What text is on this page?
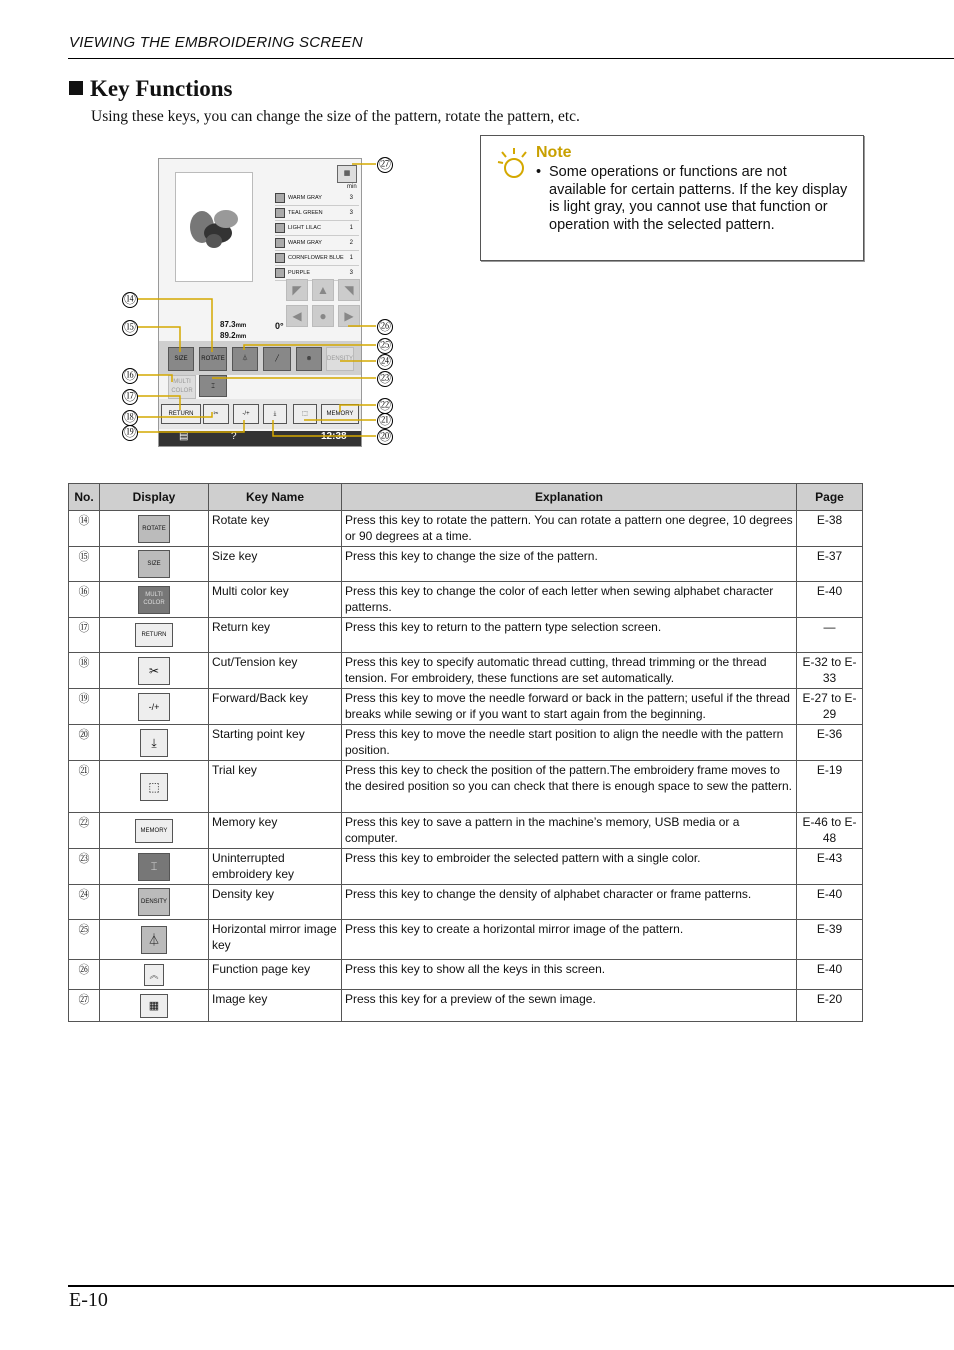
VIEWING THE EMBROIDERING SCREEN
Key Functions
Using these keys, you can change the size of the pattern, rotate the pattern, etc.
▦
min
WARM GRAY	3
TEAL GREEN	3
LIGHT LILAC	1
WARM GRAY	2
CORNFLOWER BLUE 1
PURPLE	3
◤	▲	◥
◀	●	▶
87.3mm
89.2mm
0°
SIZE	ROTATE	⏃	╱	⊗	DENSITY
MULTI COLOR
⌶
RETURN	✂	-/+	⤓	⬚	MEMORY
▤	?	12:38
⑭
⑮
⑯
⑰
⑱
⑲	⑳
㉑
㉒
㉓
㉔
㉕
㉖
㉗
Note
• Some operations or functions are not available for certain patterns. If the key display is light gray, you cannot use that function or operation with the selected pattern.
No.	Display	Key Name	Explanation	Page
⑭	ROTATE	Rotate key	Press this key to rotate the pattern. You can rotate a pattern one degree, 10 degrees or 90 degrees at a time.	E-38
⑮	SIZE	Size key	Press this key to change the size of the pattern.	E-37
⑯	MULTI COLOR	Multi color key	Press this key to change the color of each letter when sewing alphabet character patterns.	E-40
⑰	RETURN	Return key	Press this key to return to the pattern type selection screen.	—
⑱	✂	Cut/Tension key	Press this key to specify automatic thread cutting, thread trimming or the thread tension. For embroidery, these functions are set automatically.	E-32 to E-33
⑲	-/+	Forward/Back key	Press this key to move the needle forward or back in the pattern; useful if the thread breaks while sewing or if you want to start again from the beginning.	E-27 to E-29
⑳	⤓	Starting point key	Press this key to move the needle start position to align the needle with the pattern position.	E-36
㉑	⬚	Trial key	Press this key to check the position of the pattern.The embroidery frame moves to the desired position so you can check that there is enough space to sew the pattern.	E-19
㉒	MEMORY	Memory key	Press this key to save a pattern in the machine’s memory, USB media or a computer.	E-46 to E-48
㉓	⌶	Uninterrupted embroidery key	Press this key to embroider the selected pattern with a single color.	E-43
㉔	DENSITY	Density key	Press this key to change the density of alphabet character or frame patterns.	E-40
㉕	⏃	Horizontal mirror image key	Press this key to create a horizontal mirror image of the pattern.	E-39
㉖	︽	Function page key	Press this key to show all the keys in this screen.	E-40
㉗	▦	Image key	Press this key for a preview of the sewn image.	E-20
E-10
